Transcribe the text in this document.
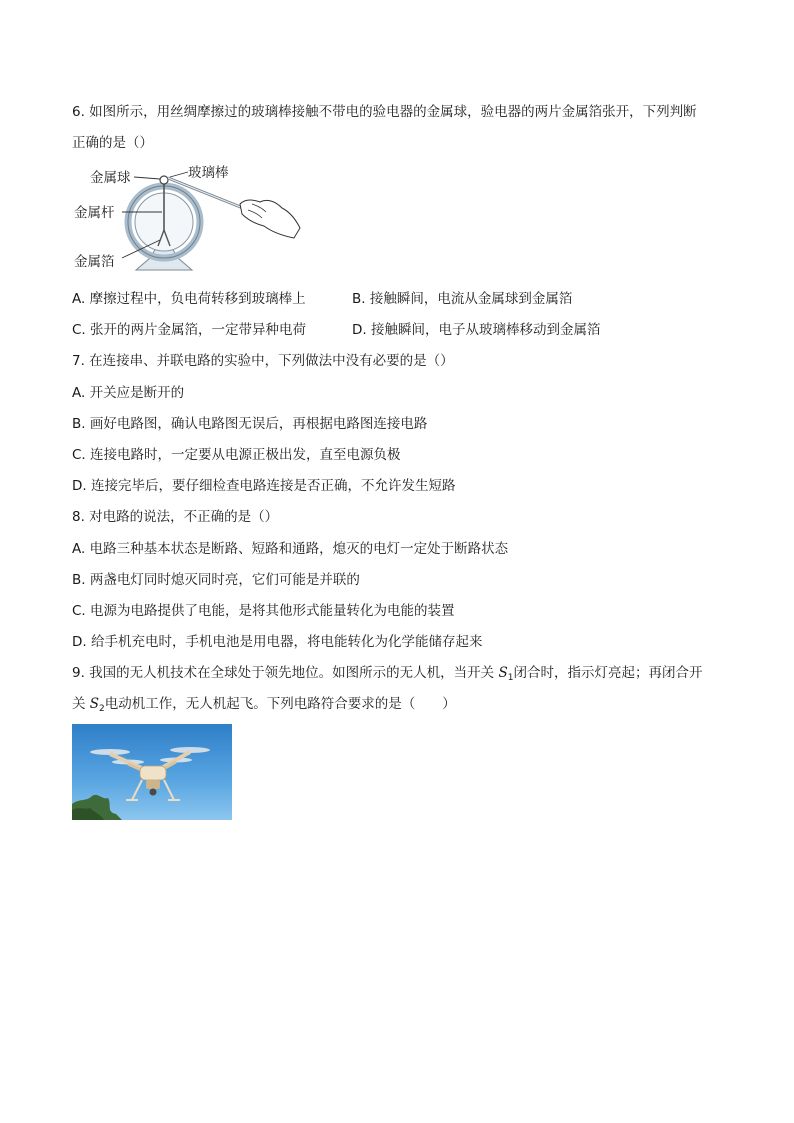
6. 如图所示，用丝绸摩擦过的玻璃棒接触不带电的验电器的金属球，验电器的两片金属箔张开，下列判断
正确的是（）
金属球	玻璃棒
金属杆
金属箔
A. 摩擦过程中，负电荷转移到玻璃棒上	B. 接触瞬间，电流从金属球到金属箔
C. 张开的两片金属箔，一定带异种电荷	D. 接触瞬间，电子从玻璃棒移动到金属箔
7. 在连接串、并联电路的实验中，下列做法中没有必要的是（）
A. 开关应是断开的
B. 画好电路图，确认电路图无误后，再根据电路图连接电路
C. 连接电路时，一定要从电源正极出发，直至电源负极
D. 连接完毕后，要仔细检查电路连接是否正确，不允许发生短路
8. 对电路的说法，不正确的是（）
A. 电路三种基本状态是断路、短路和通路，熄灭的电灯一定处于断路状态
B. 两盏电灯同时熄灭同时亮，它们可能是并联的
C. 电源为电路提供了电能，是将其他形式能量转化为电能的装置
D. 给手机充电时，手机电池是用电器，将电能转化为化学能储存起来
9. 我国的无人机技术在全球处于领先地位。如图所示的无人机，当开关 $S_1$闭合时，指示灯亮起；再闭合开
关 $S_2$电动机工作，无人机起飞。下列电路符合要求的是（　　）
